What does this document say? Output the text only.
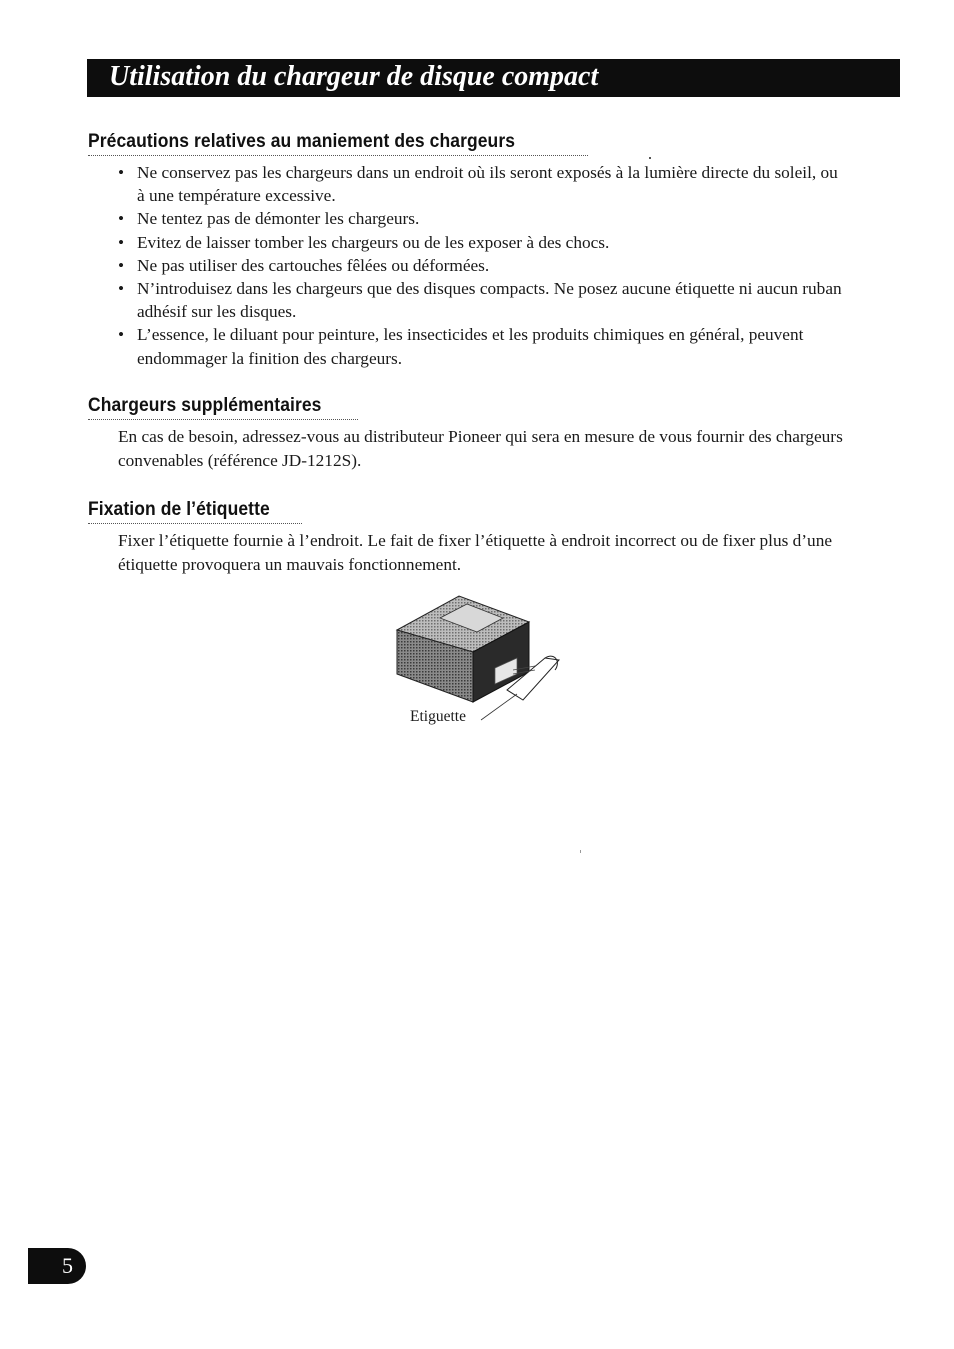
Utilisation du chargeur de disque compact
Précautions relatives au maniement des chargeurs
• Ne conservez pas les chargeurs dans un endroit où ils seront exposés à la lumière directe du soleil, ou à une température excessive.
• Ne tentez pas de démonter les chargeurs.
• Evitez de laisser tomber les chargeurs ou de les exposer à des chocs.
• Ne pas utiliser des cartouches fêlées ou déformées.
• N’introduisez dans les chargeurs que des disques compacts. Ne posez aucune étiquette ni aucun ruban adhésif sur les disques.
• L’essence, le diluant pour peinture, les insecticides et les produits chimiques en général, peuvent endommager la finition des chargeurs.
Chargeurs supplémentaires

En cas de besoin, adressez-vous au distributeur Pioneer qui sera en mesure de vous fournir des chargeurs convenables (référence JD-1212S).

Fixation de l’étiquette

Fixer l’étiquette fournie à l’endroit. Le fait de fixer l’étiquette à endroit incorrect ou de fixer plus d’une étiquette provoquera un mauvais fonctionnement.

Etiguette
5
